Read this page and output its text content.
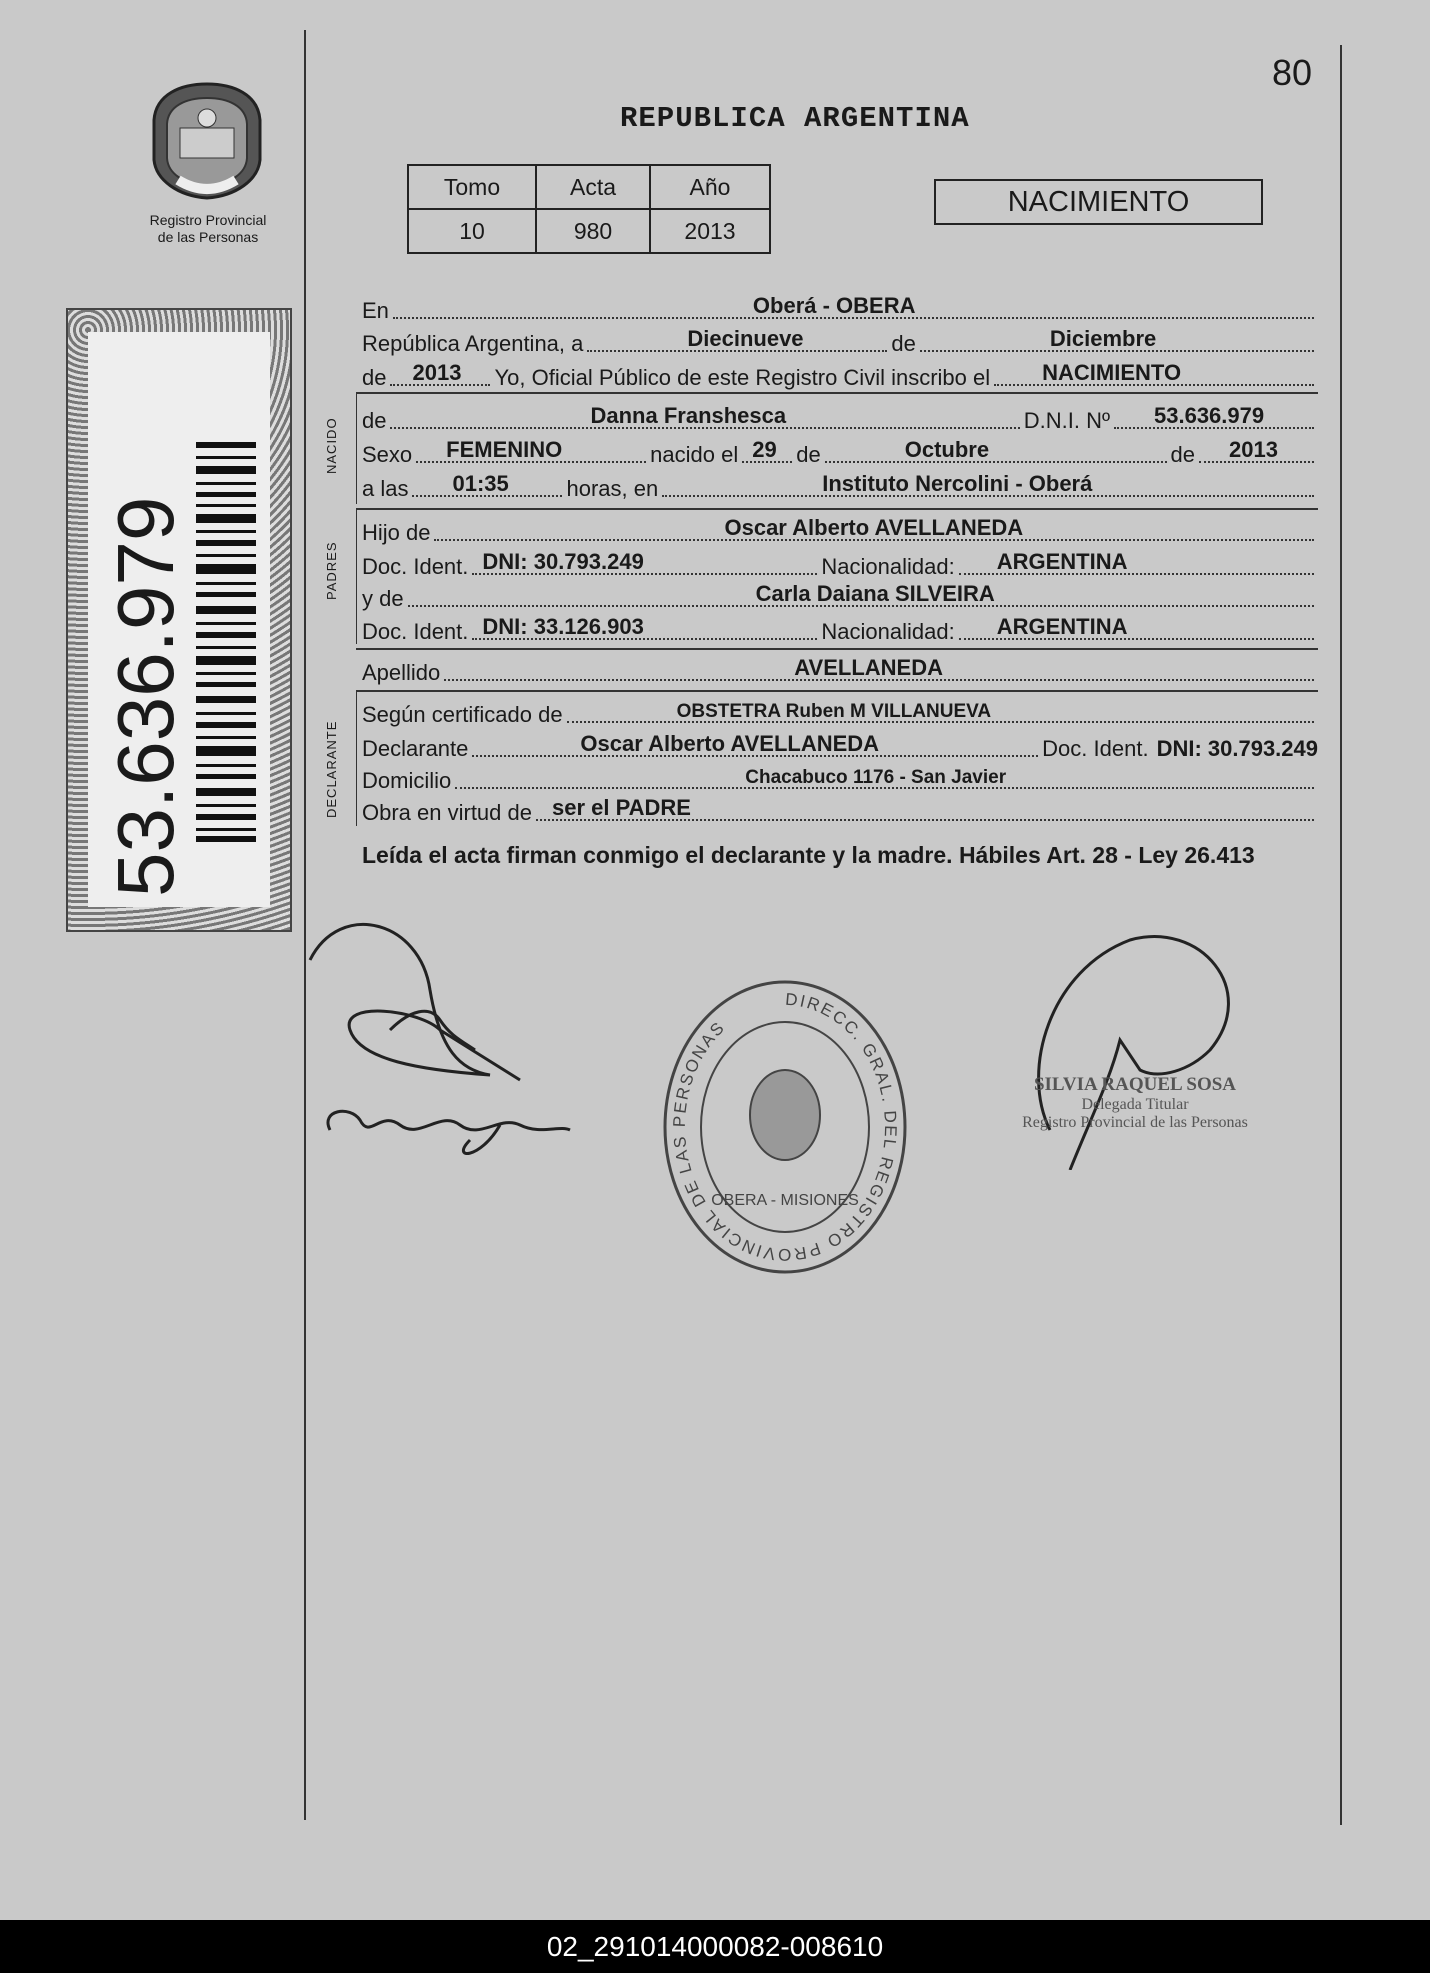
80
Registro Provincial
de las Personas
REPUBLICA ARGENTINA
Tomo	Acta	Año
10	980	2013
NACIMIENTO
53.636.979
En	Oberá - OBERA
República Argentina, a	Diecinueve	de	Diciembre
de 2013 Yo, Oficial Público de este Registro Civil inscribo el NACIMIENTO
NACIDO de	Danna Franshesca	D.N.I. Nº 53.636.979
Sexo FEMENINO	nacido el 29 de	Octubre	de 2013
a las 01:35	horas, en	Instituto Nercolini - Oberá
PADRES
Hijo de	Oscar Alberto AVELLANEDA
Doc. Ident. DNI: 30.793.249	Nacionalidad: ARGENTINA
y de	Carla Daiana SILVEIRA
Doc. Ident. DNI: 33.126.903	Nacionalidad: ARGENTINA
Apellido	AVELLANEDA
DECLARANTE
Según certificado de	OBSTETRA Ruben M VILLANUEVA
Declarante	Oscar Alberto AVELLANEDA	Doc. Ident. DNI: 30.793.249
Domicilio	Chacabuco 1176 - San Javier
Obra en virtud de ser el PADRE
Leída el acta firman conmigo el declarante y la madre. Hábiles Art. 28 - Ley 26.413
SILVIA RAQUEL SOSA
Delegada Titular
Registro Provincial de las Personas
DIRECC. GRAL. DEL REGISTRO PROVINCIAL DE LAS PERSONAS
OBERA - MISIONES
02_291014000082-008610
